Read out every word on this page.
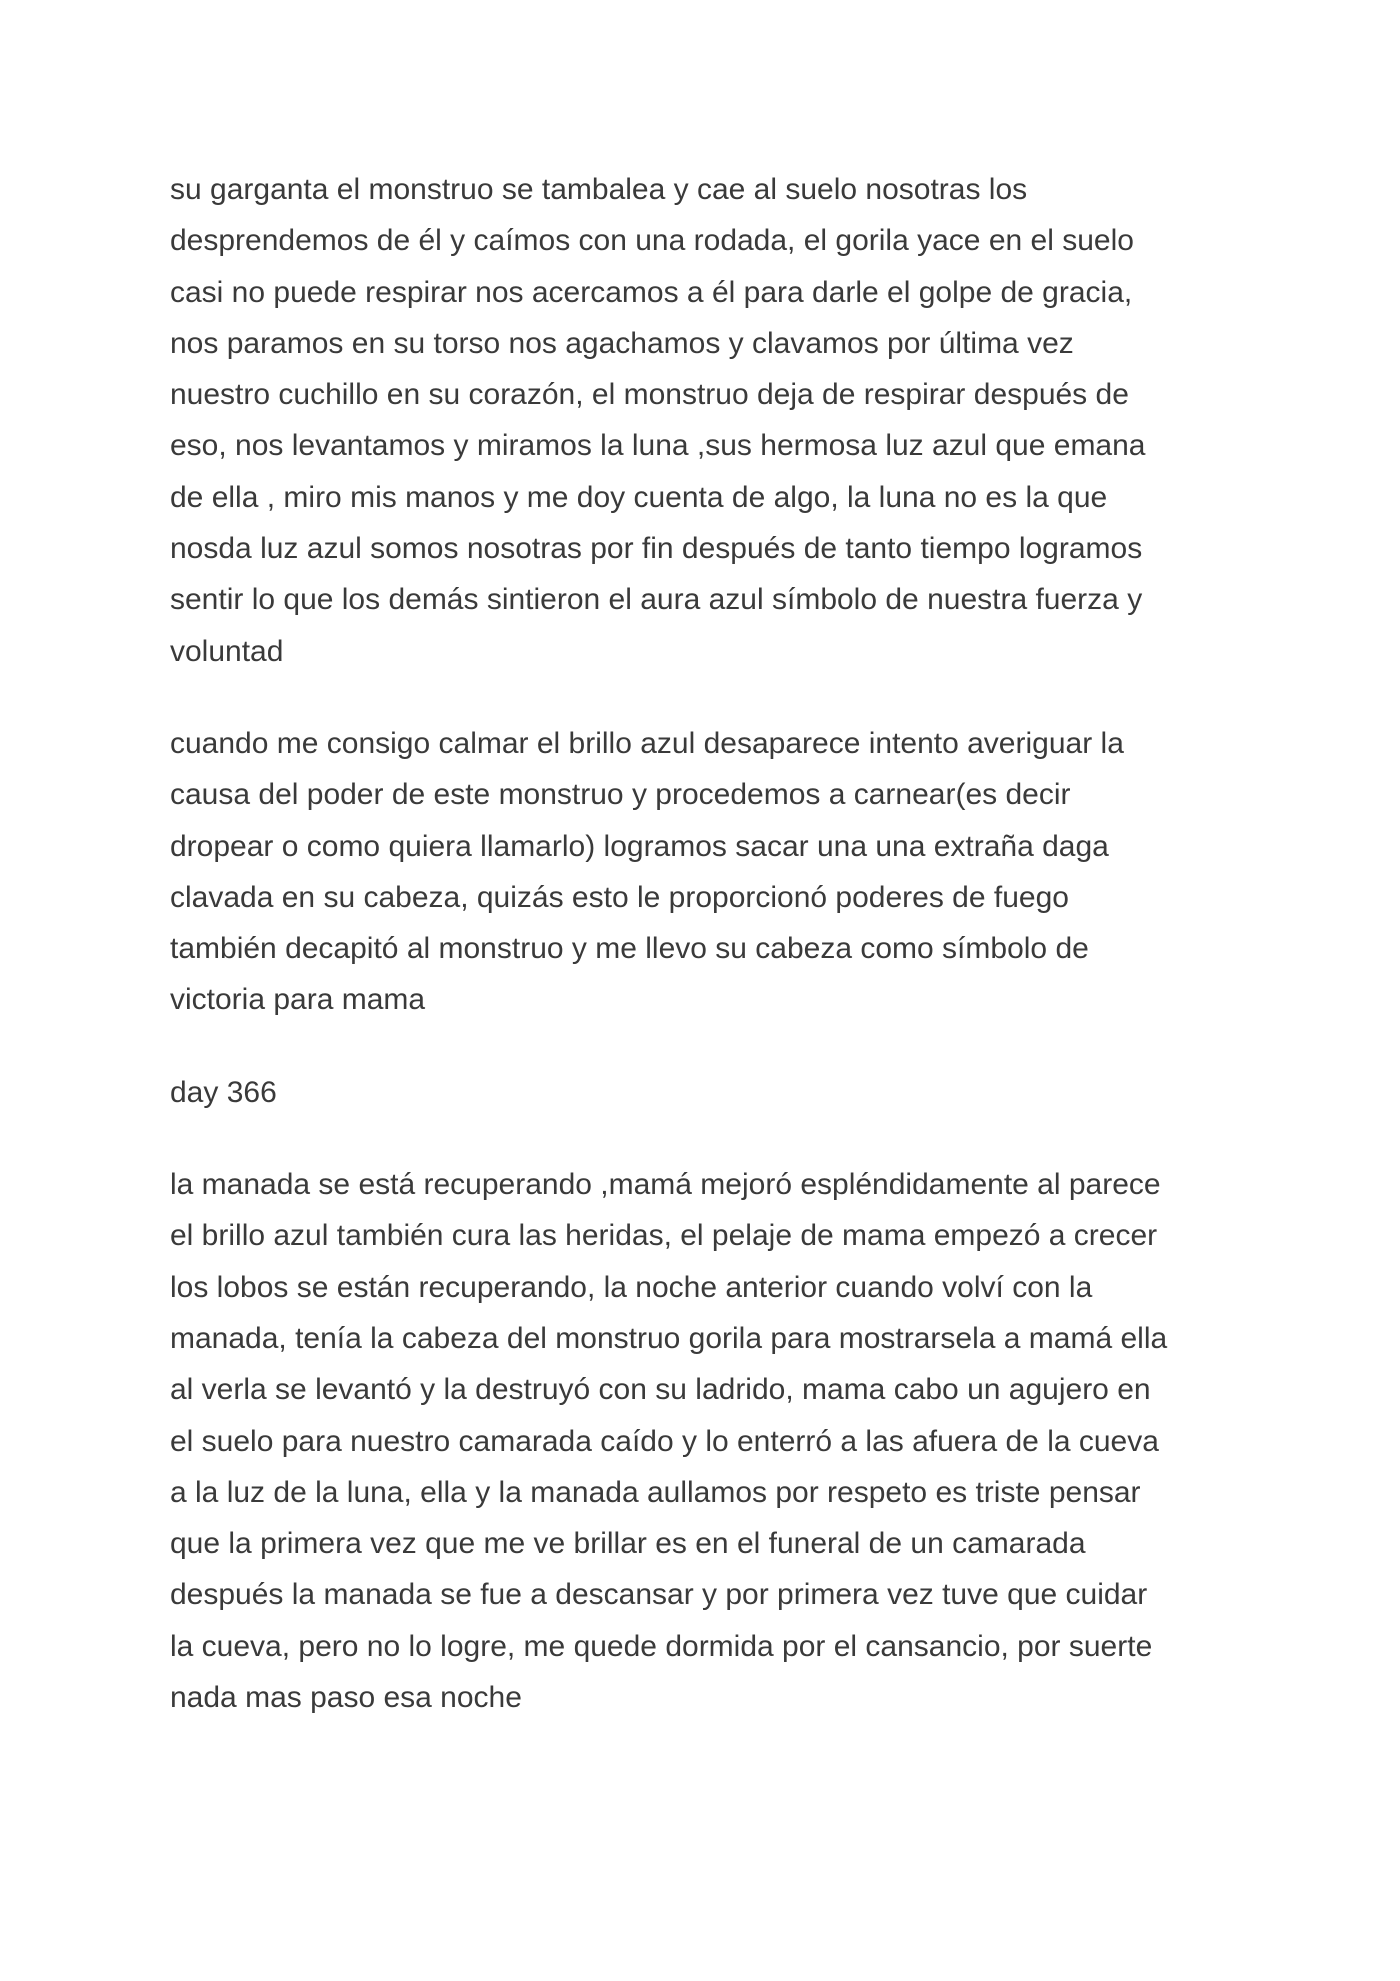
su garganta el monstruo se tambalea y cae al suelo nosotras los
desprendemos de él y caímos con una rodada, el gorila yace en el suelo
casi no puede respirar nos acercamos a él para darle el golpe de gracia,
nos paramos en su torso nos agachamos y clavamos por última vez
nuestro cuchillo en su corazón, el monstruo deja de respirar después de
eso, nos levantamos y miramos la luna ,sus hermosa luz azul que emana
de ella , miro mis manos y me doy cuenta de algo, la luna no es la que
nosda luz azul somos nosotras por fin después de tanto tiempo logramos
sentir lo que los demás sintieron el aura azul símbolo de nuestra fuerza y
voluntad
cuando me consigo calmar el brillo azul desaparece intento averiguar la
causa del poder de este monstruo y procedemos a carnear(es decir
dropear o como quiera llamarlo) logramos sacar una una extraña daga
clavada en su cabeza, quizás esto le proporcionó poderes de fuego
también decapitó al monstruo y me llevo su cabeza como símbolo de
victoria para mama
day 366
la manada se está recuperando ,mamá mejoró espléndidamente al parece
el brillo azul también cura las heridas, el pelaje de mama empezó a crecer
los lobos se están recuperando, la noche anterior cuando volví con la
manada, tenía la cabeza del monstruo gorila para mostrarsela a mamá ella
al verla se levantó y la destruyó con su ladrido, mama cabo un agujero en
el suelo para nuestro camarada caído y lo enterró a las afuera de la cueva
a la luz de la luna, ella y la manada aullamos por respeto es triste pensar
que la primera vez que me ve brillar es en el funeral de un camarada
después la manada se fue a descansar y por primera vez tuve que cuidar
la cueva, pero no lo logre, me quede dormida por el cansancio, por suerte
nada mas paso esa noche
